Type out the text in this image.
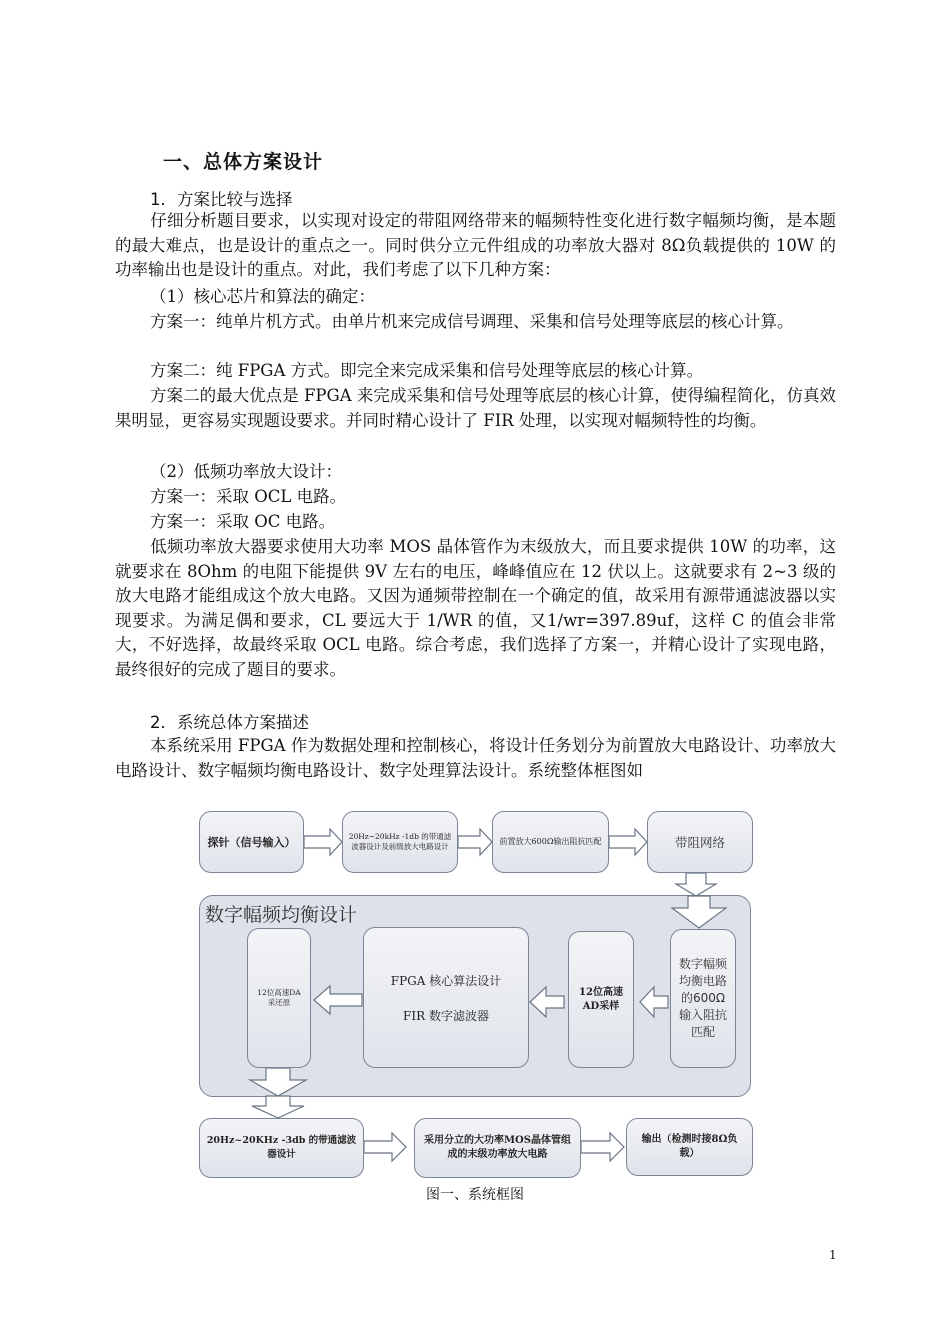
一、总体方案设计
1．方案比较与选择

仔细分析题目要求，以实现对设定的带阻网络带来的幅频特性变化进行数字幅频均衡，是本题的最大难点，也是设计的重点之一。同时供分立元件组成的功率放大器对 8Ω负载提供的 10W 的功率输出也是设计的重点。对此，我们考虑了以下几种方案：

（1）核心芯片和算法的确定：

方案一：纯单片机方式。由单片机来完成信号调理、采集和信号处理等底层的核心计算。

方案二：纯 FPGA 方式。即完全来完成采集和信号处理等底层的核心计算。

方案二的最大优点是 FPGA 来完成采集和信号处理等底层的核心计算，使得编程简化，仿真效果明显，更容易实现题设要求。并同时精心设计了 FIR 处理，以实现对幅频特性的均衡。

（2）低频功率放大设计：
方案一：采取 OCL 电路。
方案一：采取 OC 电路。

低频功率放大器要求使用大功率 MOS 晶体管作为末级放大，而且要求提供 10W 的功率，这就要求在 8Ohm 的电阻下能提供 9V 左右的电压，峰峰值应在 12 伏以上。这就要求有 2~3 级的放大电路才能组成这个放大电路。又因为通频带控制在一个确定的值，故采用有源带通滤波器以实现要求。为满足偶和要求，CL 要远大于 1/WR 的值，又1/wr=397.89uf，这样 C 的值会非常大，不好选择，故最终采取 OCL 电路。综合考虑，我们选择了方案一，并精心设计了实现电路，最终很好的完成了题目的要求。

2．系统总体方案描述

本系统采用 FPGA 作为数据处理和控制核心，将设计任务划分为前置放大电路设计、功率放大电路设计、数字幅频均衡电路设计、数字处理算法设计。系统整体框图如

数字幅频均衡设计
探针（信号输入）	20Hz~20kHz -1db 的带通滤波器设计及前级放大电路设计
前置放大600Ω输出阻抗匹配	带阻网络
12位高速DA采还原
FPGA 核心算法设计
FIR 数字滤波器
12位高速AD采样
数字幅频均衡电路的600Ω输入阻抗匹配
20Hz~20KHz -3db 的带通滤波器设计
采用分立的大功率MOS晶体管组成的末级功率放大电路
输出（检测时接8Ω负载）
图一、系统框图
1
